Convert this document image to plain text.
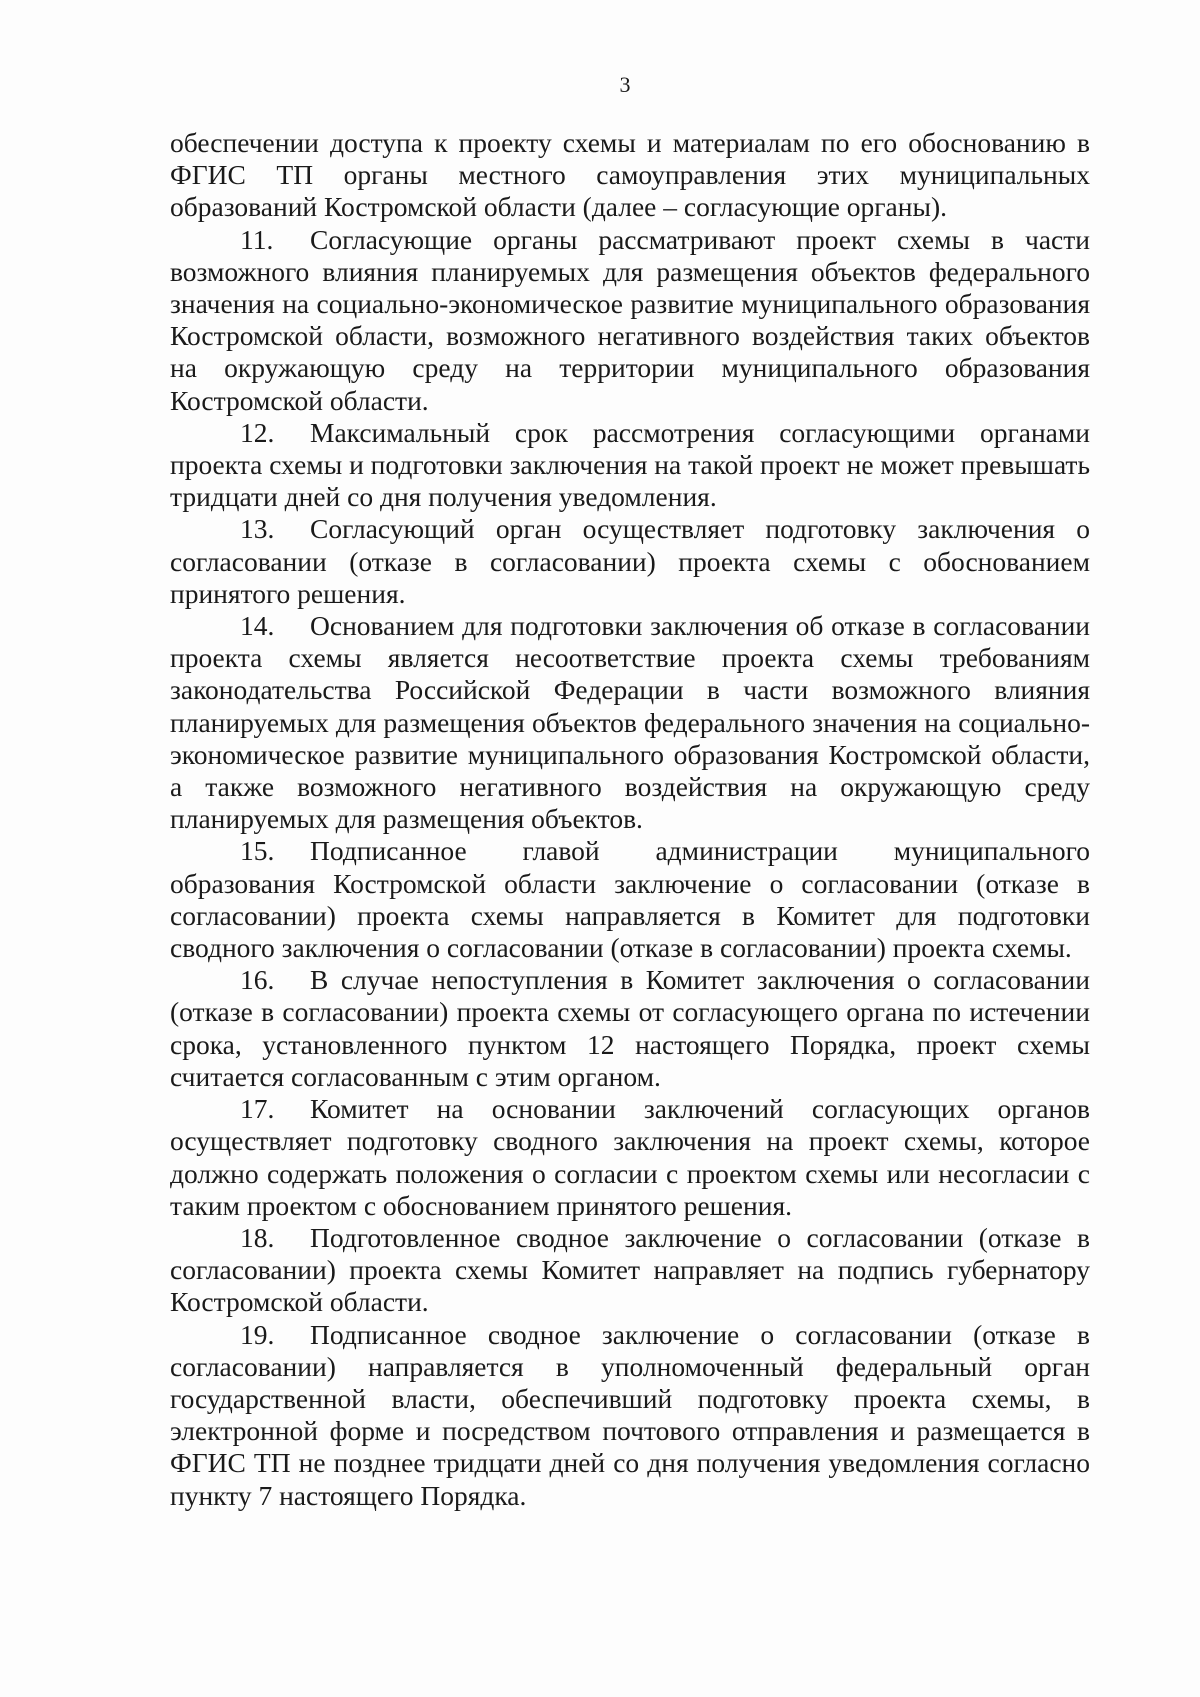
3

обеспечении доступа к проекту схемы и материалам по его обоснованию в ФГИС ТП органы местного самоуправления этих муниципальных образований Костромской области (далее – согласующие органы).

11. Согласующие органы рассматривают проект схемы в части возможного влияния планируемых для размещения объектов федерального значения на социально-экономическое развитие муниципального образования Костромской области, возможного негативного воздействия таких объектов на окружающую среду на территории муниципального образования Костромской области.

12. Максимальный срок рассмотрения согласующими органами проекта схемы и подготовки заключения на такой проект не может превышать тридцати дней со дня получения уведомления.

13. Согласующий орган осуществляет подготовку заключения о согласовании (отказе в согласовании) проекта схемы с обоснованием принятого решения.

14. Основанием для подготовки заключения об отказе в согласовании проекта схемы является несоответствие проекта схемы требованиям законодательства Российской Федерации в части возможного влияния планируемых для размещения объектов федерального значения на социально-экономическое развитие муниципального образования Костромской области, а также возможного негативного воздействия на окружающую среду планируемых для размещения объектов.

15. Подписанное главой администрации муниципального образования Костромской области заключение о согласовании (отказе в согласовании) проекта схемы направляется в Комитет для подготовки сводного заключения о согласовании (отказе в согласовании) проекта схемы.

16. В случае непоступления в Комитет заключения о согласовании (отказе в согласовании) проекта схемы от согласующего органа по истечении срока, установленного пунктом 12 настоящего Порядка, проект схемы считается согласованным с этим органом.

17. Комитет на основании заключений согласующих органов осуществляет подготовку сводного заключения на проект схемы, которое должно содержать положения о согласии с проектом схемы или несогласии с таким проектом с обоснованием принятого решения.

18. Подготовленное сводное заключение о согласовании (отказе в согласовании) проекта схемы Комитет направляет на подпись губернатору Костромской области.

19. Подписанное сводное заключение о согласовании (отказе в согласовании) направляется в уполномоченный федеральный орган государственной власти, обеспечивший подготовку проекта схемы, в электронной форме и посредством почтового отправления и размещается в ФГИС ТП не позднее тридцати дней со дня получения уведомления согласно пункту 7 настоящего Порядка.
